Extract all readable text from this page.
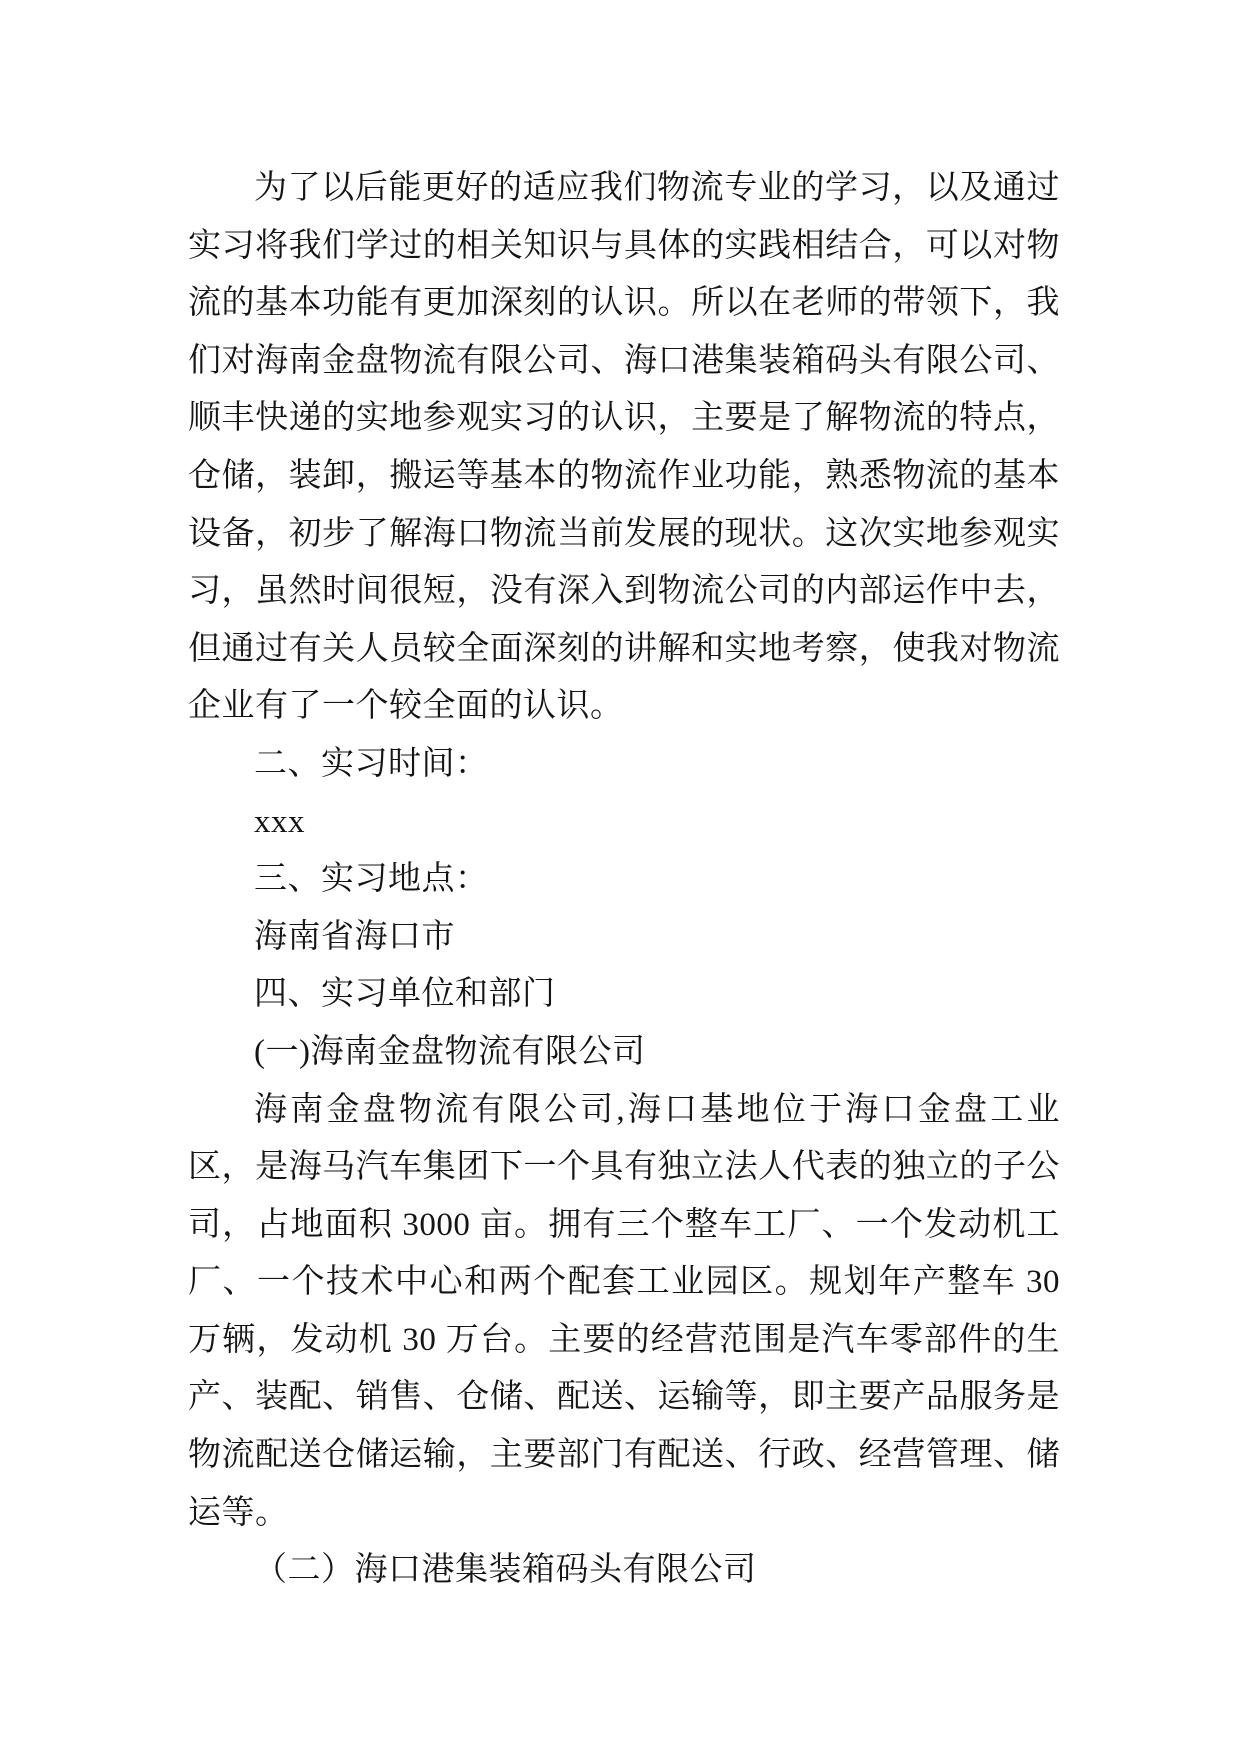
为了以后能更好的适应我们物流专业的学习，以及通过实习将我们学过的相关知识与具体的实践相结合，可以对物流的基本功能有更加深刻的认识。所以在老师的带领下，我们对海南金盘物流有限公司、海口港集装箱码头有限公司、顺丰快递的实地参观实习的认识，主要是了解物流的特点，仓储，装卸，搬运等基本的物流作业功能，熟悉物流的基本设备，初步了解海口物流当前发展的现状。这次实地参观实习，虽然时间很短，没有深入到物流公司的内部运作中去，但通过有关人员较全面深刻的讲解和实地考察，使我对物流企业有了一个较全面的认识。

二、实习时间：

xxx

三、实习地点：

海南省海口市

四、实习单位和部门

(一)海南金盘物流有限公司

海南金盘物流有限公司,海口基地位于海口金盘工业区，是海马汽车集团下一个具有独立法人代表的独立的子公司，占地面积 3000 亩。拥有三个整车工厂、一个发动机工厂、一个技术中心和两个配套工业园区。规划年产整车 30 万辆，发动机 30 万台。主要的经营范围是汽车零部件的生产、装配、销售、仓储、配送、运输等，即主要产品服务是物流配送仓储运输，主要部门有配送、行政、经营管理、储运等。

（二）海口港集装箱码头有限公司
